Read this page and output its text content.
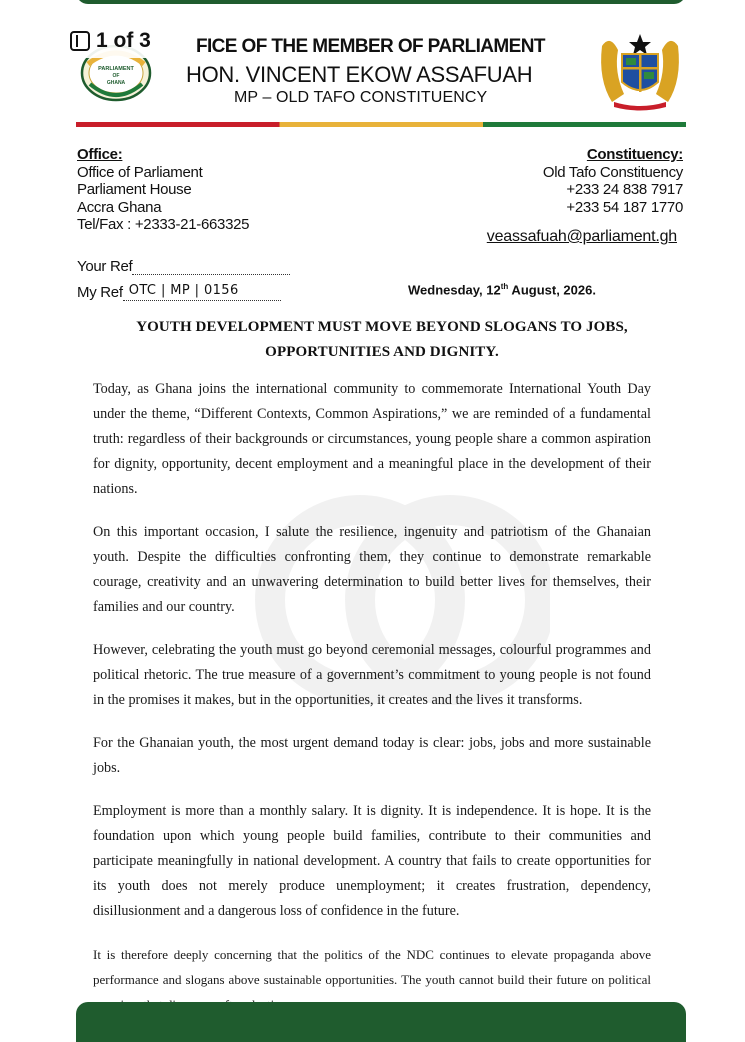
PARLIAMENT
OF
GHANA
1 of 3 FICE OF THE MEMBER OF PARLIAMENT
HON. VINCENT EKOW ASSAFUAH
MP – OLD TAFO CONSTITUENCY
Office:
Office of Parliament
Parliament House
Accra Ghana
Tel/Fax : +2333-21-663325
Constituency:
Old Tafo Constituency
+233 24 838 7917
+233 54 187 1770
veassafuah@parliament.gh
Your Ref
My Ref OTC | MP | 0156	Wednesday, 12th August, 2026.
YOUTH DEVELOPMENT MUST MOVE BEYOND SLOGANS TO JOBS,
OPPORTUNITIES AND DIGNITY.

Today, as Ghana joins the international community to commemorate International Youth Day under the theme, “Different Contexts, Common Aspirations,” we are reminded of a fundamental truth: regardless of their backgrounds or circumstances, young people share a common aspiration for dignity, opportunity, decent employment and a meaningful place in the development of their nations.

On this important occasion, I salute the resilience, ingenuity and patriotism of the Ghanaian youth. Despite the difficulties confronting them, they continue to demonstrate remarkable courage, creativity and an unwavering determination to build better lives for themselves, their families and our country.

However, celebrating the youth must go beyond ceremonial messages, colourful programmes and political rhetoric. The true measure of a government’s commitment to young people is not found in the promises it makes, but in the opportunities, it creates and the lives it transforms.

For the Ghanaian youth, the most urgent demand today is clear: jobs, jobs and more sustainable jobs.

Employment is more than a monthly salary. It is dignity. It is independence. It is hope. It is the foundation upon which young people build families, contribute to their communities and participate meaningfully in national development. A country that fails to create opportunities for its youth does not merely produce unemployment; it creates frustration, dependency, disillusionment and a dangerous loss of confidence in the future.

It is therefore deeply concerning that the politics of the NDC continues to elevate propaganda above performance and slogans above sustainable opportunities. The youth cannot build their future on political
